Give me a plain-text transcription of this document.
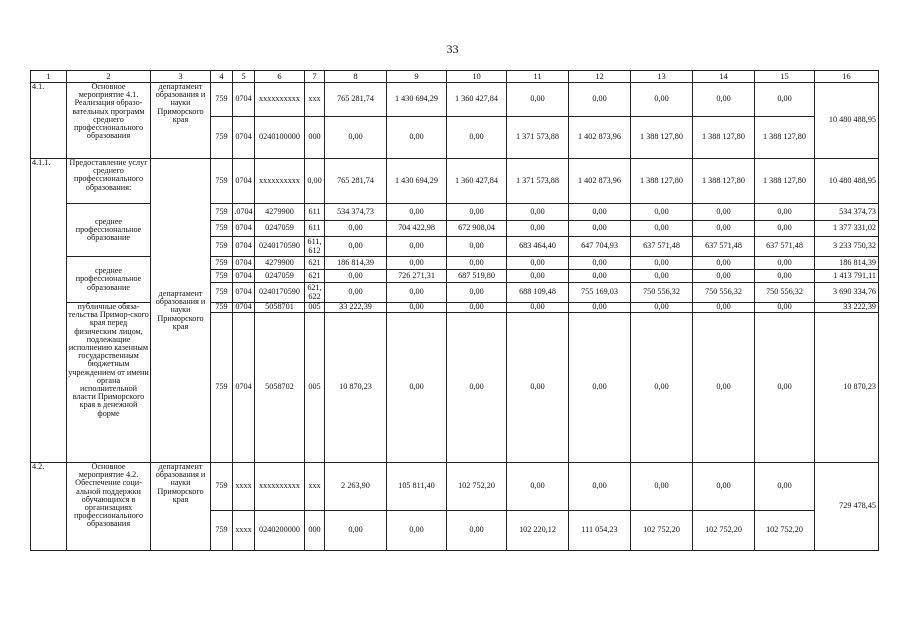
33
1	2	3	4	5	6	7	8	9	10	11	12	13	14	15	16
4.1.	Основное мероприятие 4.1. Реализация образо-вательных программ среднего профессионального образования	департамент образования и науки Приморского края	759	0704	xxxxxxxxxx	xxx	765 281,74	1 430 694,29	1 360 427,84	0,00	0,00	0,00	0,00	0,00	10 480 488,95
			759	0704	0240100000	000	0,00	0,00	0,00	1 371 573,88	1 402 873,96	1 388 127,80	1 388 127,80	1 388 127,80	
4.1.1.	Предоставление услуг среднего профессионального образования:	департамент образования и науки Приморского края	759	0704	xxxxxxxxxx	0,00	765 281,74	1 430 694,29	1 360 427,84	1 371 573,88	1 402 873,96	1 388 127,80	1 388 127,80	1 388 127,80	10 480 488,95
	среднее профессиональное образование		759	.0704	4279900	611	534 374,73	0,00	0,00	0,00	0,00	0,00	0,00	0,00	534 374,73
			759	0704	0247059	611	0,00	704 422,98	672 908,04	0,00	0,00	0,00	0,00	0,00	1 377 331,02
			759	0704	0240170590	611, 612	0,00	0,00	0,00	683 464,40	647 704,93	637 571,48	637 571,48	637 571,48	3 233 750,32
	среднее профессиональное образование		759	0704	4279900	621	186 814,39	0,00	0,00	0,00	0,00	0,00	0,00	0,00	186 814,39
			759	0704	0247059	621	0,00	726 271,31	687 519,80	0,00	0,00	0,00	0,00	0,00	1 413 791,11
			759	0704	0240170590	621, 622	0,00	0,00	0,00	688 109,48	755 169,03	750 556,32	750 556,32	750 556,32	3 690 334,76
	публичные обяза-тельства Примор-ского края перед физическим лицом, подлежащие исполнению казенным государственным бюджетным учреждением от имени органа исполнительной власти Приморского края в денежной форме		759	0704	5058701	005	33 222,39	0,00	0,00	0,00	0,00	0,00	0,00	0,00	33 222,39
			759	0704	5058702	005	10 870,23	0,00	0,00	0,00	0,00	0,00	0,00	0,00	10 870,23
4.2.	Основное мероприятие 4.2. Обеспечение соци-альной поддержки обучающихся в организациях профессионального образования	департамент образования и науки Приморского края	759	xxxx	xxxxxxxxxx	xxx	2 263,90	105 811,40	102 752,20	0,00	0,00	0,00	0,00	0,00	729 478,45
			759	xxxx	0240200000	000	0,00	0,00	0,00	102 220,12	111 054,23	102 752,20	102 752,20	102 752,20	
